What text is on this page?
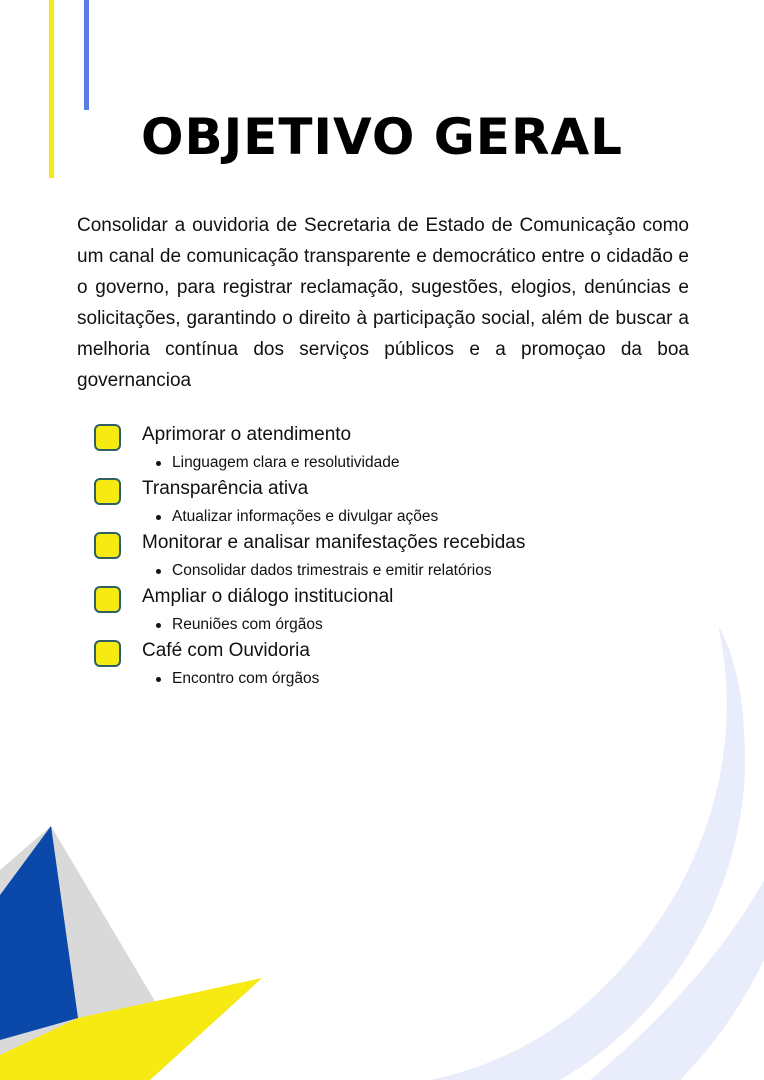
OBJETIVO GERAL

Consolidar a ouvidoria de Secretaria de Estado de Comunicação como um canal de comunicação transparente e democrático entre o cidadão e o governo, para registrar reclamação, sugestões, elogios, denúncias e solicitações, garantindo o direito à participação social, além de buscar a melhoria contínua dos serviços públicos e a promoçao da boa governancioa

Aprimorar o atendimento
Linguagem clara e resolutividade
Transparência ativa
Atualizar informações e divulgar ações
Monitorar e analisar manifestações recebidas
Consolidar dados trimestrais e emitir relatórios
Ampliar o diálogo institucional
Reuniões com órgãos
Café com Ouvidoria
Encontro com órgãos
